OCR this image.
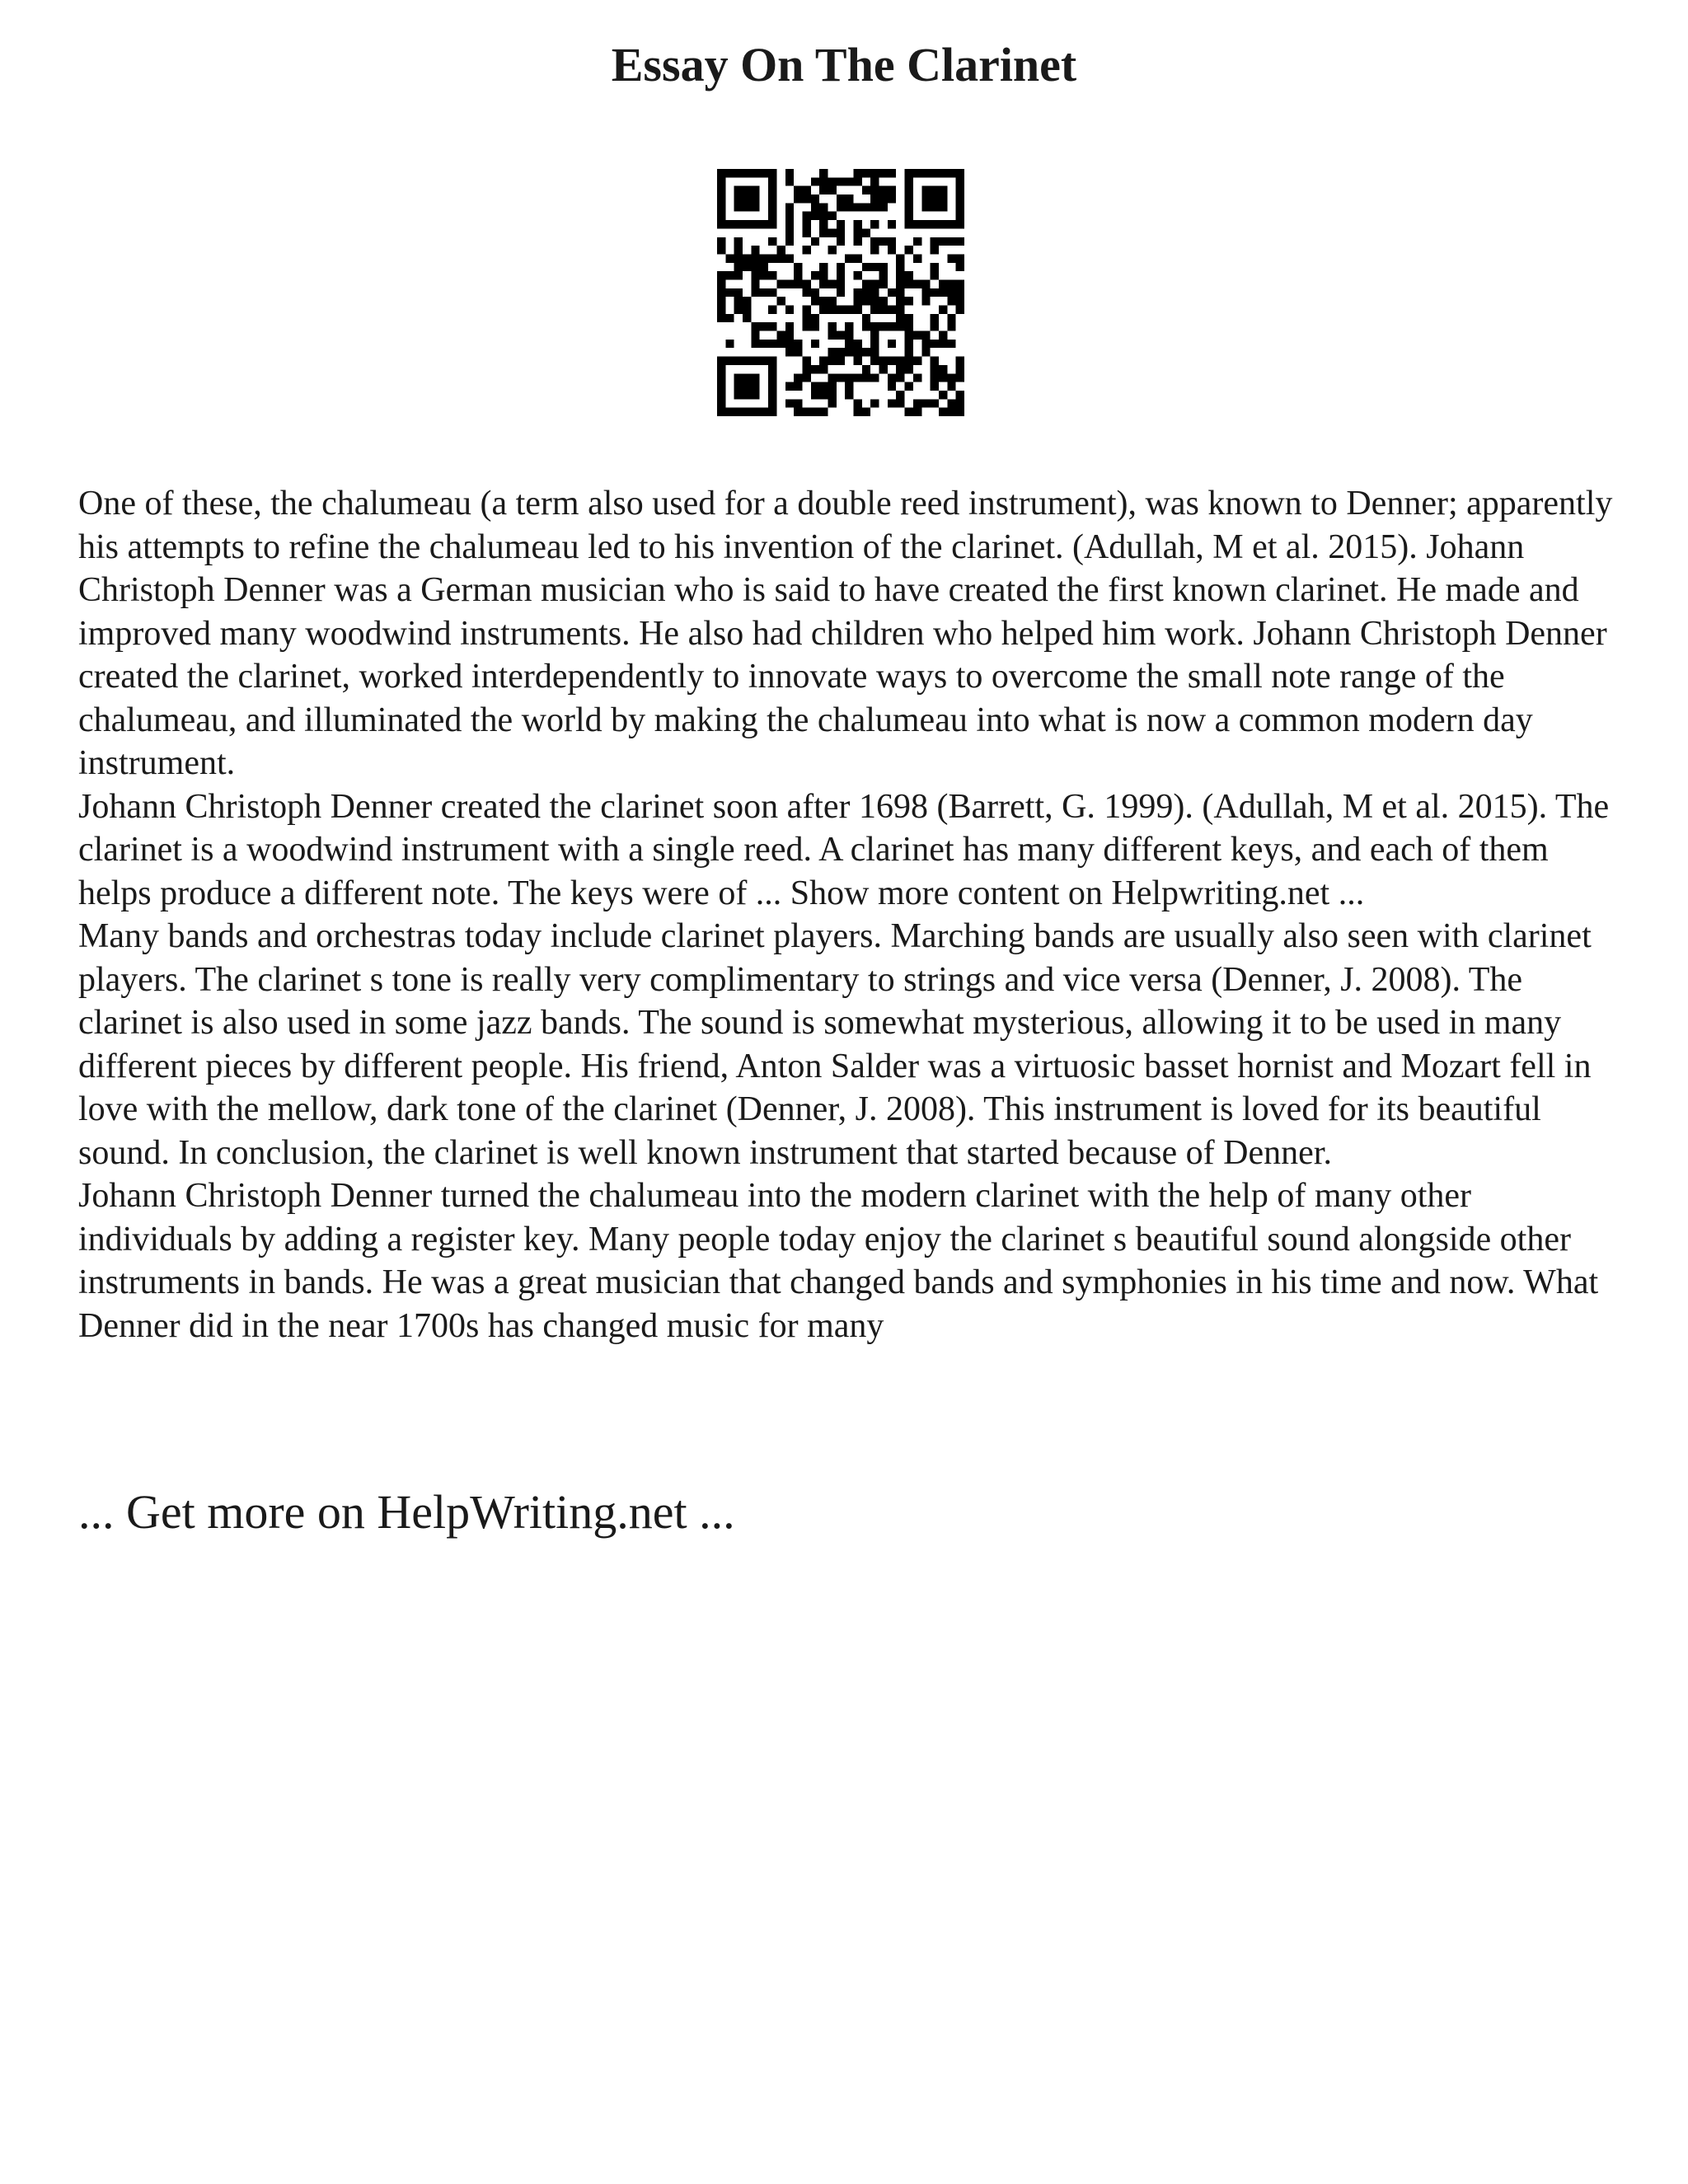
Essay On The Clarinet

One of these, the chalumeau (a term also used for a double reed instrument), was known to Denner; apparently his attempts to refine the chalumeau led to his invention of the clarinet. (Adullah, M et al. 2015). Johann Christoph Denner was a German musician who is said to have created the first known clarinet. He made and improved many woodwind instruments. He also had children who helped him work. Johann Christoph Denner created the clarinet, worked interdependently to innovate ways to overcome the small note range of the chalumeau, and illuminated the world by making the chalumeau into what is now a common modern day instrument.

Johann Christoph Denner created the clarinet soon after 1698 (Barrett, G. 1999). (Adullah, M et al. 2015). The clarinet is a woodwind instrument with a single reed. A clarinet has many different keys, and each of them helps produce a different note. The keys were of ... Show more content on Helpwriting.net ...

Many bands and orchestras today include clarinet players. Marching bands are usually also seen with clarinet players. The clarinet s tone is really very complimentary to strings and vice versa (Denner, J. 2008). The clarinet is also used in some jazz bands. The sound is somewhat mysterious, allowing it to be used in many different pieces by different people. His friend, Anton Salder was a virtuosic basset hornist and Mozart fell in love with the mellow, dark tone of the clarinet (Denner, J. 2008). This instrument is loved for its beautiful sound. In conclusion, the clarinet is well known instrument that started because of Denner.

Johann Christoph Denner turned the chalumeau into the modern clarinet with the help of many other individuals by adding a register key. Many people today enjoy the clarinet s beautiful sound alongside other instruments in bands. He was a great musician that changed bands and symphonies in his time and now. What Denner did in the near 1700s has changed music for many

... Get more on HelpWriting.net ...
